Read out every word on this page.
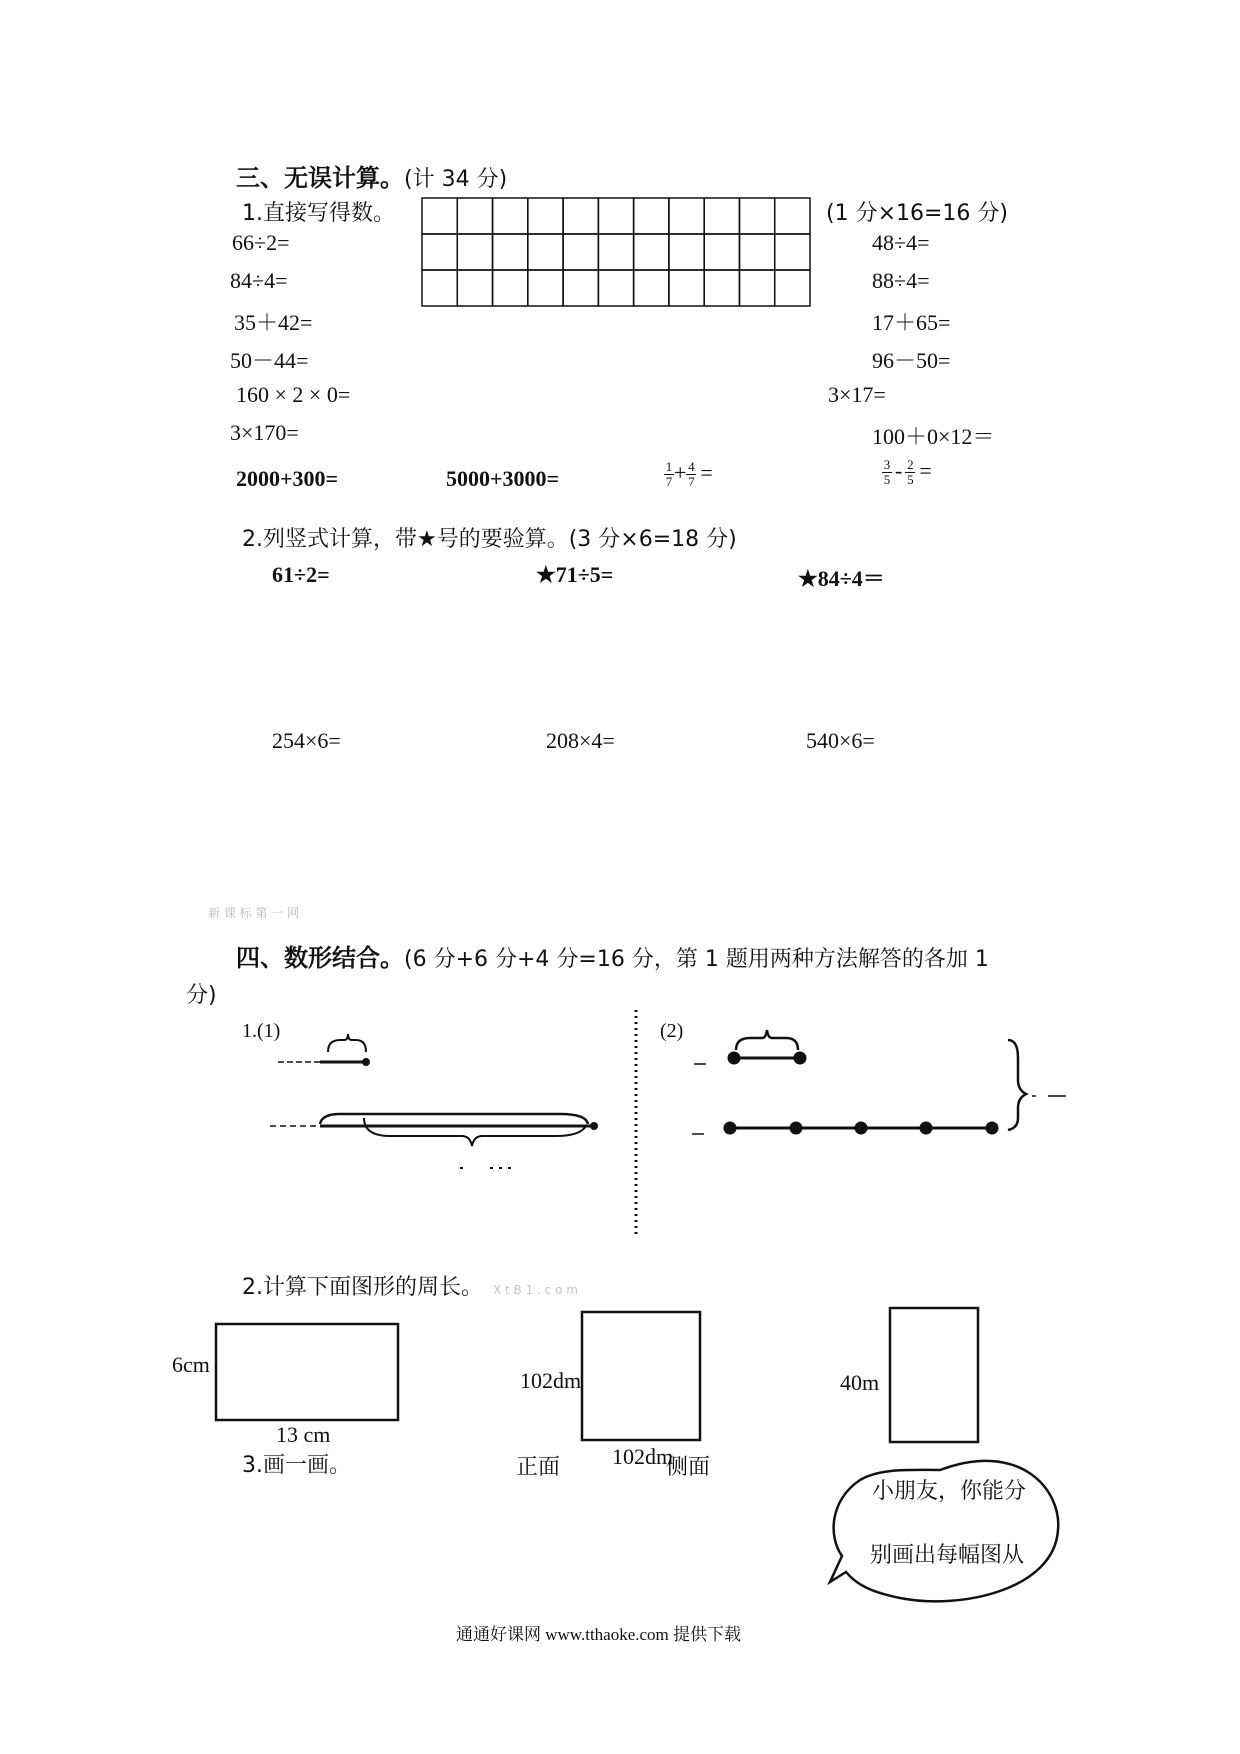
三、无误计算。(计 34 分)
1.直接写得数。	(1 分×16=16 分)
66÷2=
84÷4=
35＋42=
50－44=
160 × 2 × 0=
3×170=
48÷4=
88÷4=
17＋65=
96－50=
3×17=
100＋0×12＝
2000+300=	5000+3000=	$\frac{1}{7} + \frac{4}{7}$ =	$\frac{3}{5} - \frac{2}{5}$ =
2.列竖式计算，带★号的要验算。(3 分×6=18 分)
61÷2=	★71÷5=	★84÷4＝
254×6=	208×4=	540×6=
新 课 标 第 一 网
四、数形结合。(6 分+6 分+4 分=16 分，第 1 题用两种方法解答的各加 1
分)
1.(1)	(2)
2.计算下面图形的周长。 X t B 1 . c o m
6cm
13 cm
102dm
102dm
40m
3.画一画。	正面	侧面
小朋友，你能分
别画出每幅图从
通通好课网 www.tthaoke.com 提供下载
